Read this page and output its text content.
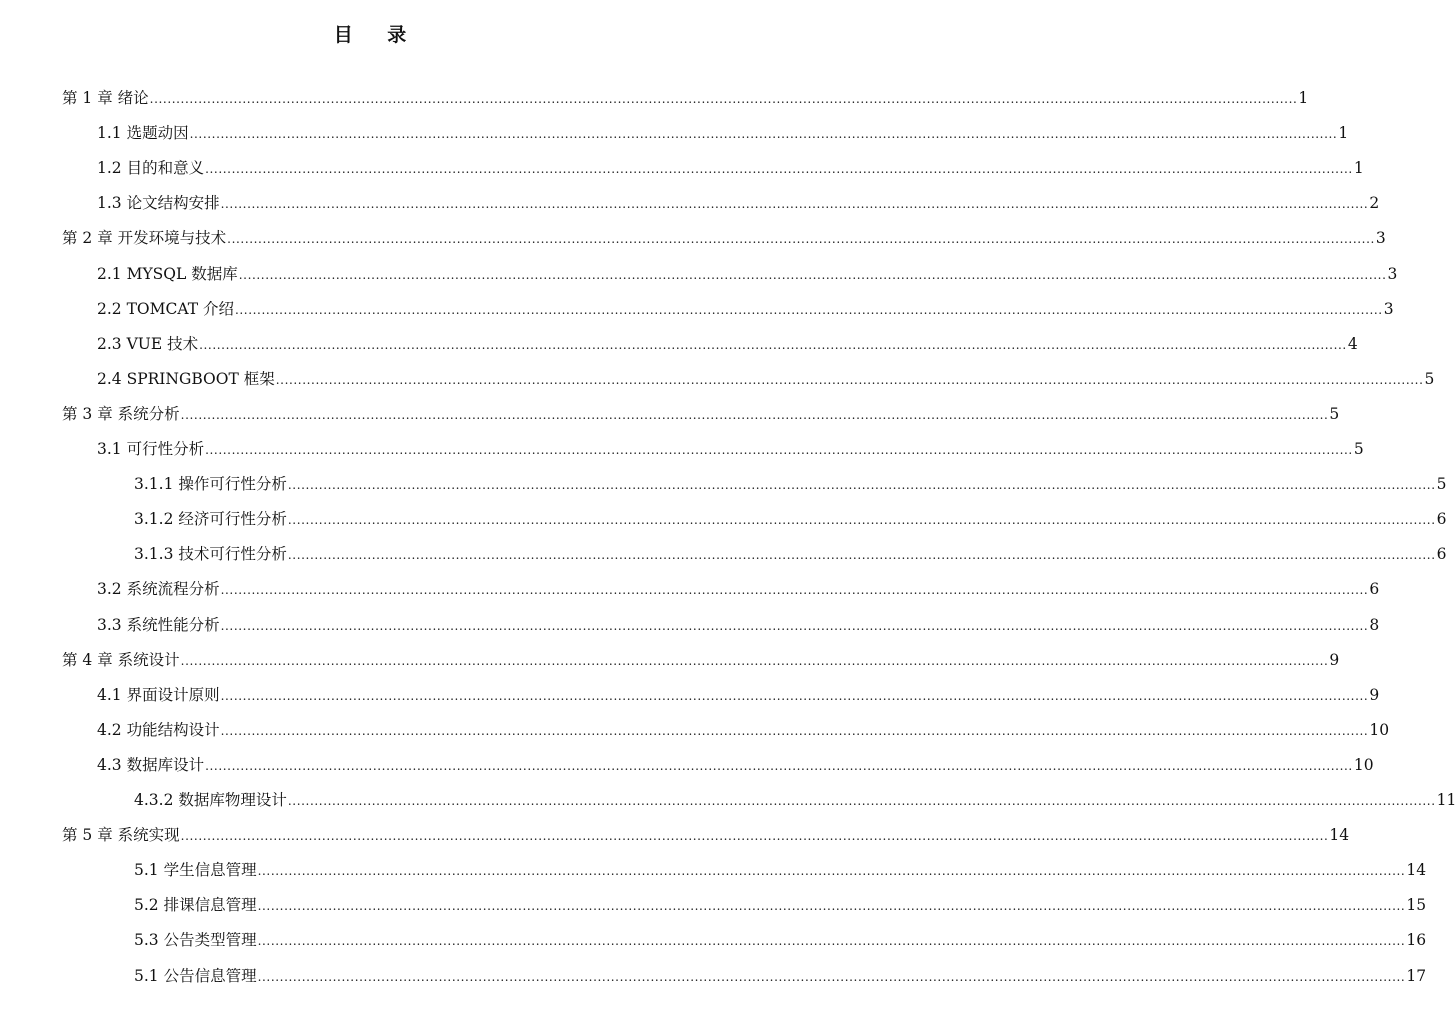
目 录
第 1 章 绪论 .................................................................................................................................................................................................................................................................... 1
1.1 选题动因 .................................................................................................................................................................................................................................................................... 1
1.2 目的和意义 .................................................................................................................................................................................................................................................................... 1
1.3 论文结构安排 .................................................................................................................................................................................................................................................................... 2
第 2 章 开发环境与技术 .................................................................................................................................................................................................................................................................... 3
2.1 MYSQL 数据库 .................................................................................................................................................................................................................................................................... 3
2.2 TOMCAT 介绍 .................................................................................................................................................................................................................................................................... 3
2.3 VUE 技术 .................................................................................................................................................................................................................................................................... 4
2.4 SPRINGBOOT 框架 .................................................................................................................................................................................................................................................................... 5
第 3 章 系统分析 .................................................................................................................................................................................................................................................................... 5
3.1 可行性分析 .................................................................................................................................................................................................................................................................... 5
3.1.1 操作可行性分析 .................................................................................................................................................................................................................................................................... 5
3.1.2 经济可行性分析 .................................................................................................................................................................................................................................................................... 6
3.1.3 技术可行性分析 .................................................................................................................................................................................................................................................................... 6
3.2 系统流程分析 .................................................................................................................................................................................................................................................................... 6
3.3 系统性能分析 .................................................................................................................................................................................................................................................................... 8
第 4 章 系统设计 .................................................................................................................................................................................................................................................................... 9
4.1 界面设计原则 .................................................................................................................................................................................................................................................................... 9
4.2 功能结构设计 .................................................................................................................................................................................................................................................................... 10
4.3 数据库设计 .................................................................................................................................................................................................................................................................... 10
4.3.2 数据库物理设计 .................................................................................................................................................................................................................................................................... 11
第 5 章 系统实现 .................................................................................................................................................................................................................................................................... 14
5.1 学生信息管理 .................................................................................................................................................................................................................................................................... 14
5.2 排课信息管理 .................................................................................................................................................................................................................................................................... 15
5.3 公告类型管理 .................................................................................................................................................................................................................................................................... 16
5.1 公告信息管理 .................................................................................................................................................................................................................................................................... 17
